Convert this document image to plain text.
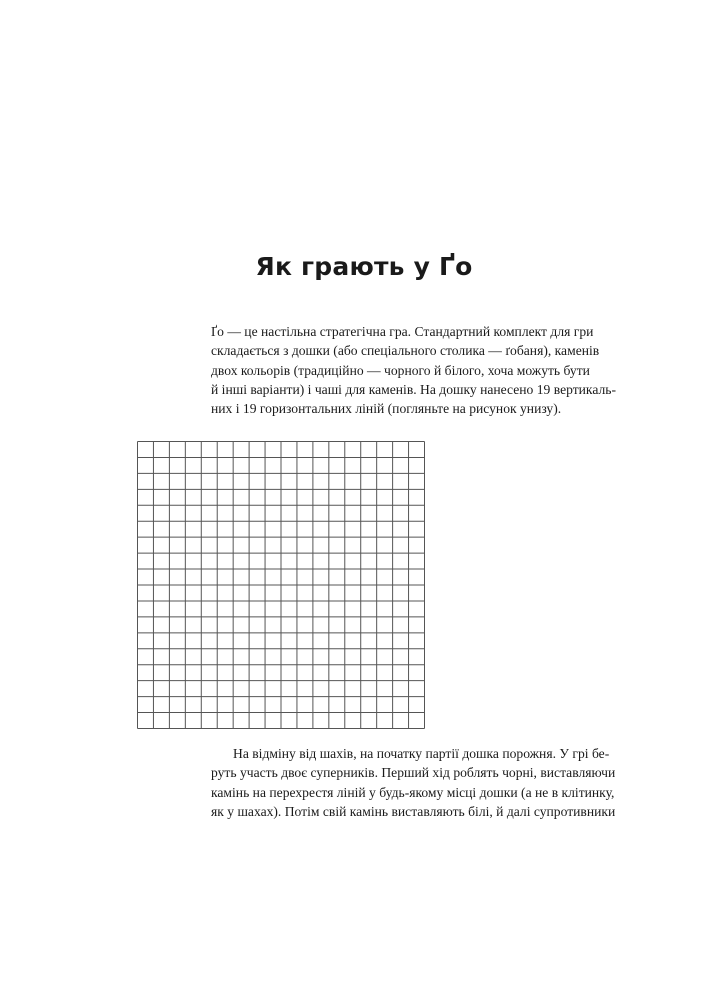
Як грають у Ґо
Ґо — це настільна стратегічна гра. Стандартний комплект для гри
складається з дошки (або спеціального столика — ґобаня), каменів
двох кольорів (традиційно — чорного й білого, хоча можуть бути
й інші варіанти) і чаші для каменів. На дошку нанесено 19 вертикаль-
них і 19 горизонтальних ліній (погляньте на рисунок унизу).
На відміну від шахів, на початку партії дошка порожня. У грі бе-
руть участь двоє суперників. Перший хід роблять чорні, виставляючи
камінь на перехрестя ліній у будь-якому місці дошки (а не в клітинку,
як у шахах). Потім свій камінь виставляють білі, й далі супротивники
